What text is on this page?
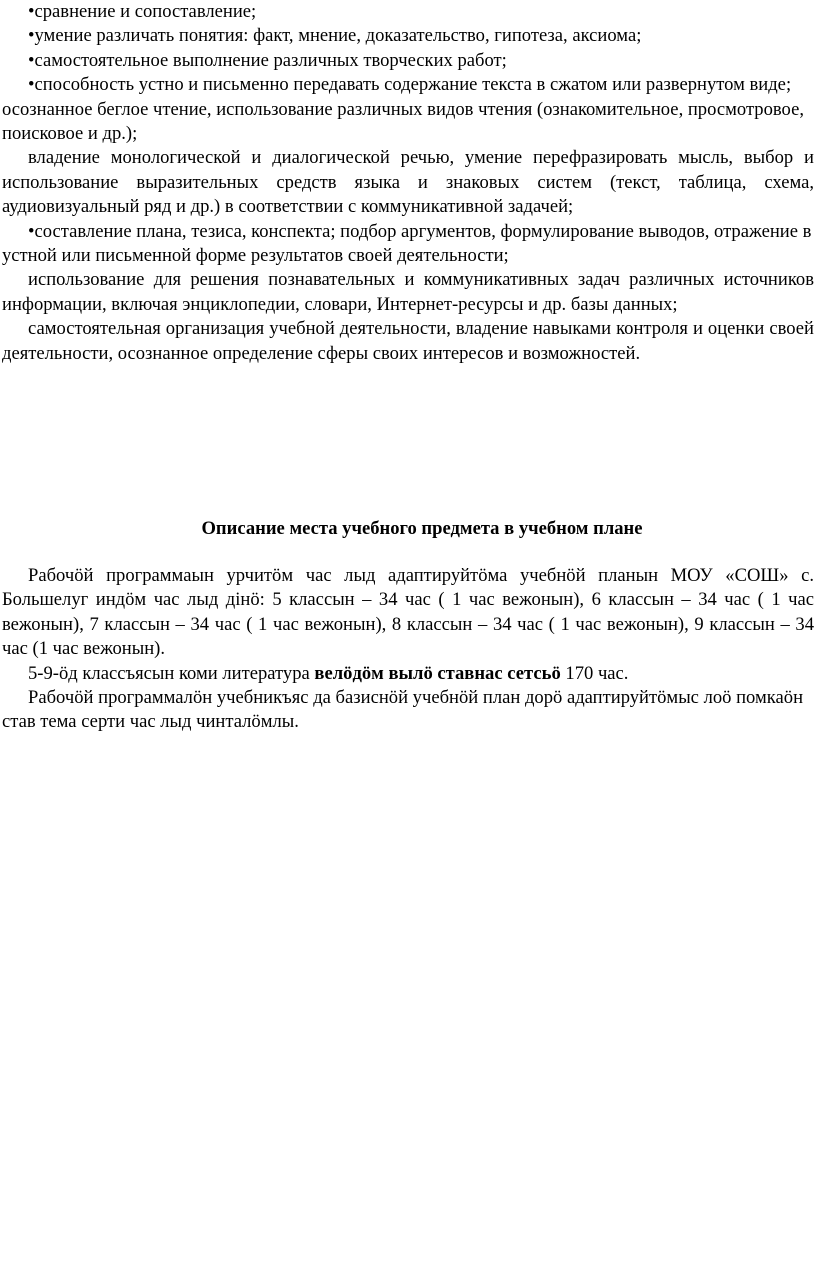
•сравнение и сопоставление;

•умение различать понятия: факт, мнение, доказательство, гипотеза, аксиома;

•самостоятельное выполнение различных творческих работ;

•способность устно и письменно передавать содержание текста в сжатом или развернутом виде; осознанное беглое чтение, использование различных видов чтения (ознакомительное, просмотровое, поисковое и др.);

владение монологической и диалогической речью, умение перефразировать мысль, выбор и использование выразительных средств языка и знаковых систем (текст, таблица, схема, аудиовизуальный ряд и др.) в соответствии с коммуникативной задачей;

•составление плана, тезиса, конспекта; подбор аргументов, формулирование выводов, отражение в устной или письменной форме результатов своей деятельности;

использование для решения познавательных и коммуникативных задач различных источников информации, включая энциклопедии, словари, Интернет-ресурсы и др. базы данных;

самостоятельная организация учебной деятельности, владение навыками контроля и оценки своей деятельности, осознанное определение сферы своих интересов и возможностей.

Описание места учебного предмета в учебном плане

Рабочӧй программаын урчитӧм час лыд адаптируйтӧма учебнӧй планын МОУ «СОШ» с. Большелуг индӧм час лыд дiнӧ: 5 классын – 34 час ( 1 час вежонын), 6 классын – 34 час ( 1 час вежонын), 7 классын – 34 час ( 1 час вежонын), 8 классын – 34 час ( 1 час вежонын), 9 классын – 34 час (1 час вежонын).

5-9-ӧд классъясын коми литература велӧдӧм вылӧ ставнас сетсьӧ 170 час.

Рабочӧй программалӧн учебникъяс да базиснӧй учебнӧй план дорӧ адаптируйтӧмыс лоӧ помкаӧн став тема серти час лыд чинталӧмлы.
